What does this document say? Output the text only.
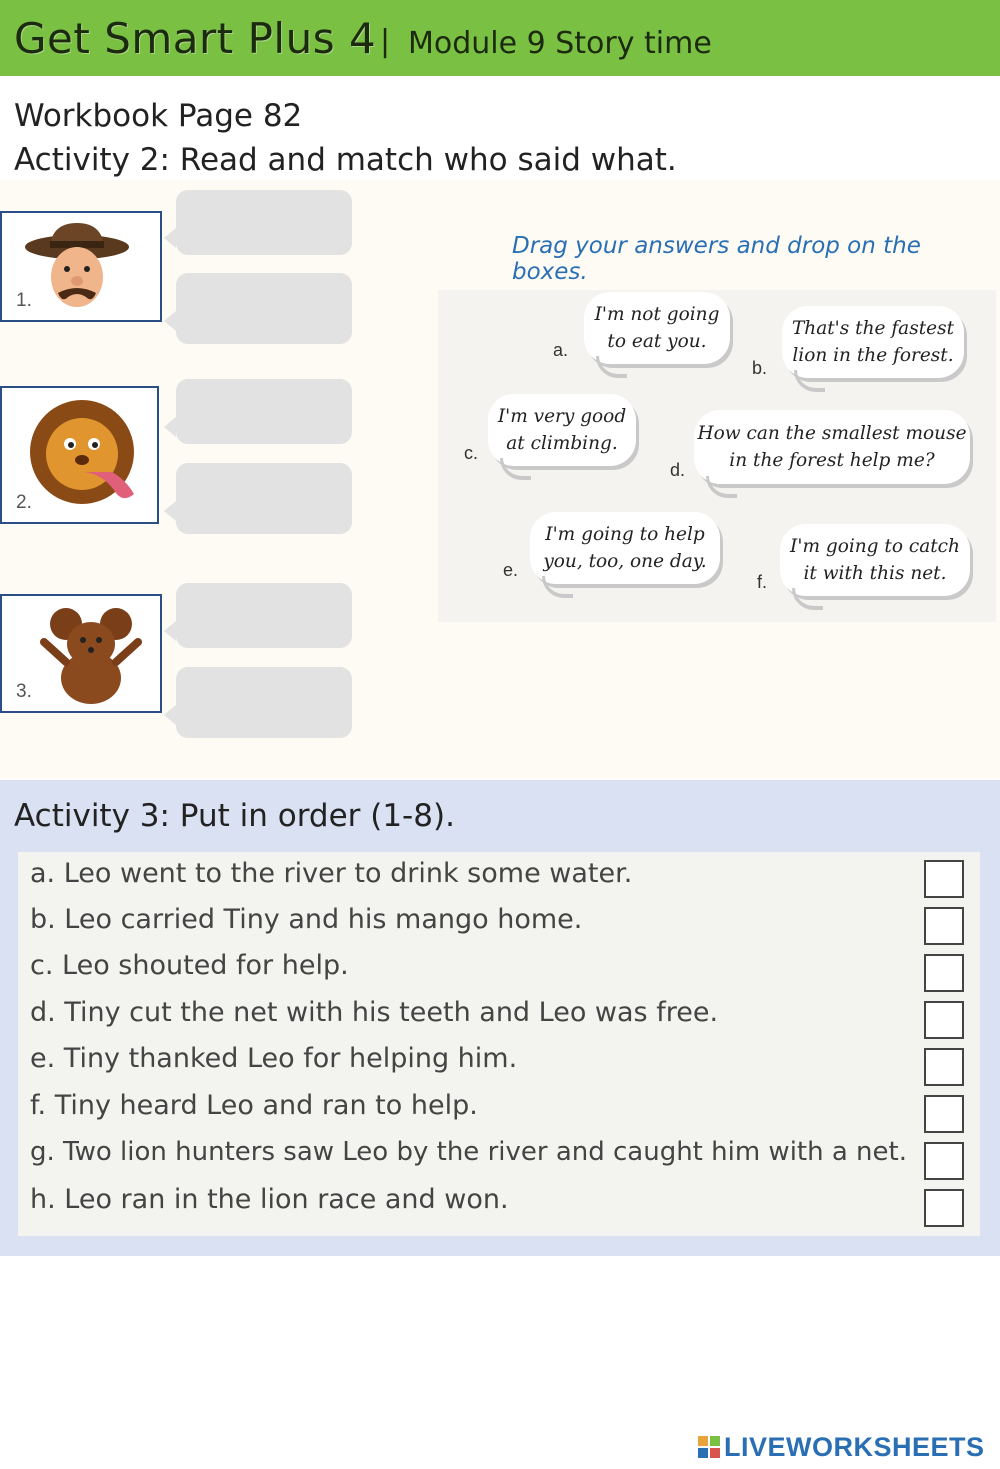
Get Smart Plus 4 | Module 9 Story time
Workbook Page 82
Activity 2: Read and match who said what.
1.
2.
3.
Drag your answers and drop on the boxes.
a.
I'm not going
to eat you.
b.
That's the fastest
lion in the forest.
c.
I'm very good
at climbing.
d.
How can the smallest mouse
in the forest help me?
e.
I'm going to help
you, too, one day.
f.
I'm going to catch
it with this net.
Activity 3: Put in order (1-8).
a. Leo went to the river to drink some water.
b. Leo carried Tiny and his mango home.
c. Leo shouted for help.
d. Tiny cut the net with his teeth and Leo was free.
e. Tiny thanked Leo for helping him.
f. Tiny heard Leo and ran to help.
g. Two lion hunters saw Leo by the river and caught him with a net.
h. Leo ran in the lion race and won.
LIVEWORKSHEETS
